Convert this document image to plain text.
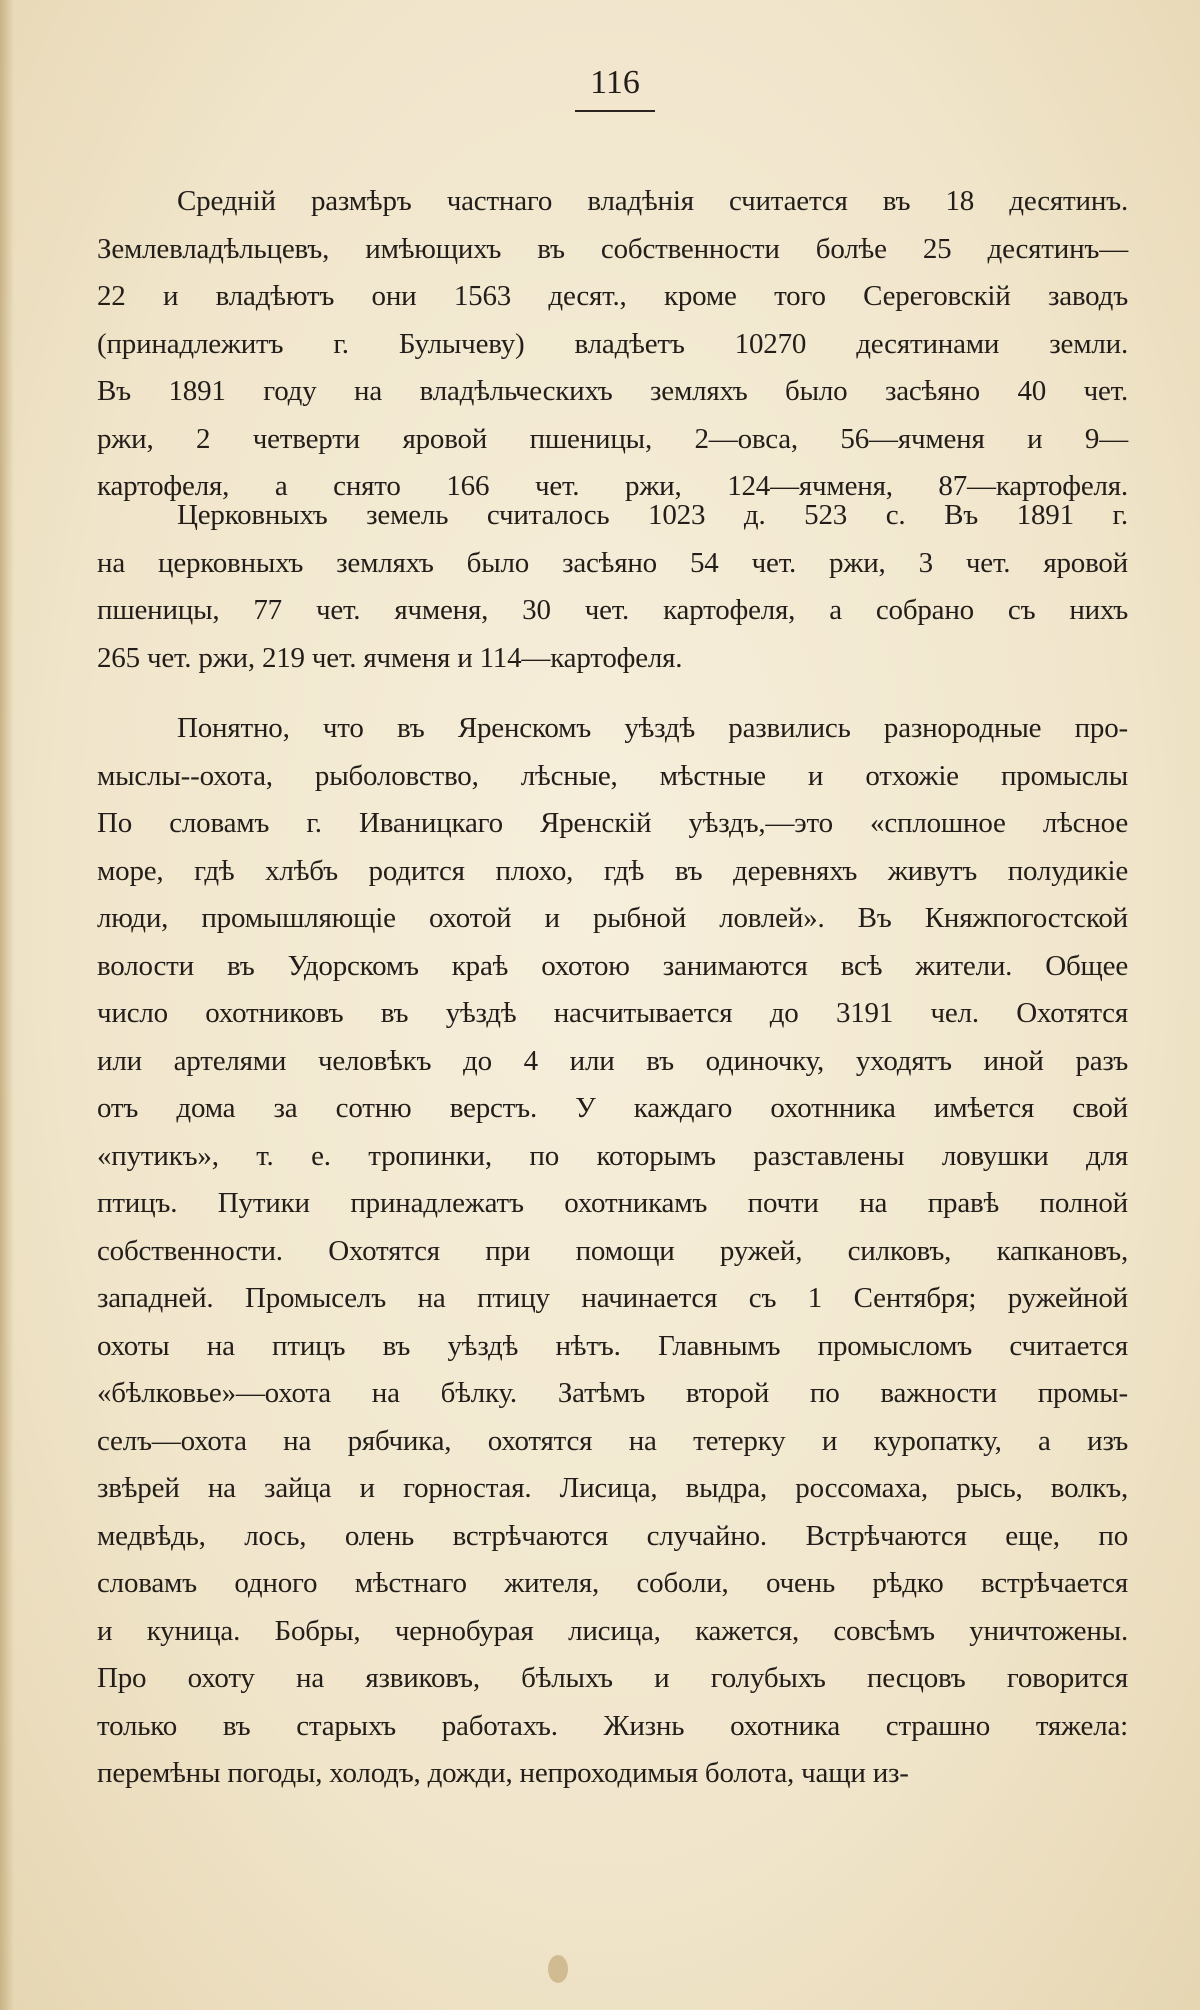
116
Средній размѣръ частнаго владѣнія считается въ 18 десятинъ.
Землевладѣльцевъ, имѣющихъ въ собственности болѣе 25 десятинъ—
22 и владѣютъ они 1563 десят., кроме того Сереговскій заводъ
(принадлежитъ г. Булычеву) владѣетъ 10270 десятинами земли.
Въ 1891 году на владѣльческихъ земляхъ было засѣяно 40 чет.
ржи, 2 четверти яровой пшеницы, 2—овса, 56—ячменя и 9—
картофеля, а снято 166 чет. ржи, 124—ячменя, 87—картофеля.
Церковныхъ земель считалось 1023 д. 523 с. Въ 1891 г.
на церковныхъ земляхъ было засѣяно 54 чет. ржи, 3 чет. яровой
пшеницы, 77 чет. ячменя, 30 чет. картофеля, а собрано съ нихъ
265 чет. ржи, 219 чет. ячменя и 114—картофеля.
Понятно, что въ Яренскомъ уѣздѣ развились разнородные про-
мыслы--охота, рыболовство, лѣсные, мѣстные и отхожіе промыслы
По словамъ г. Иваницкаго Яренскій уѣздъ,—это «сплошное лѣсное
море, гдѣ хлѣбъ родится плохо, гдѣ въ деревняхъ живутъ полудикіе
люди, промышляющіе охотой и рыбной ловлей». Въ Княжпогостской
волости въ Удорскомъ краѣ охотою занимаются всѣ жители. Общее
число охотниковъ въ уѣздѣ насчитывается до 3191 чел. Охотятся
или артелями человѣкъ до 4 или въ одиночку, уходятъ иной разъ
отъ дома за сотню верстъ. У каждаго охотнника имѣется свой
«путикъ», т. е. тропинки, по которымъ разставлены ловушки для
птицъ. Путики принадлежатъ охотникамъ почти на правѣ полной
собственности. Охотятся при помощи ружей, силковъ, капкановъ,
западней. Промыселъ на птицу начинается съ 1 Сентября; ружейной
охоты на птицъ въ уѣздѣ нѣтъ. Главнымъ промысломъ считается
«бѣлковье»—охота на бѣлку. Затѣмъ второй по важности промы-
селъ—охота на рябчика, охотятся на тетерку и куропатку, а изъ
звѣрей на зайца и горностая. Лисица, выдра, россомаха, рысь, волкъ,
медвѣдь, лось, олень встрѣчаются случайно. Встрѣчаются еще, по
словамъ одного мѣстнаго жителя, соболи, очень рѣдко встрѣчается
и куница. Бобры, чернобурая лисица, кажется, совсѣмъ уничтожены.
Про охоту на язвиковъ, бѣлыхъ и голубыхъ песцовъ говорится
только въ старыхъ работахъ. Жизнь охотника страшно тяжела:
перемѣны погоды, холодъ, дожди, непроходимыя болота, чащи из-
